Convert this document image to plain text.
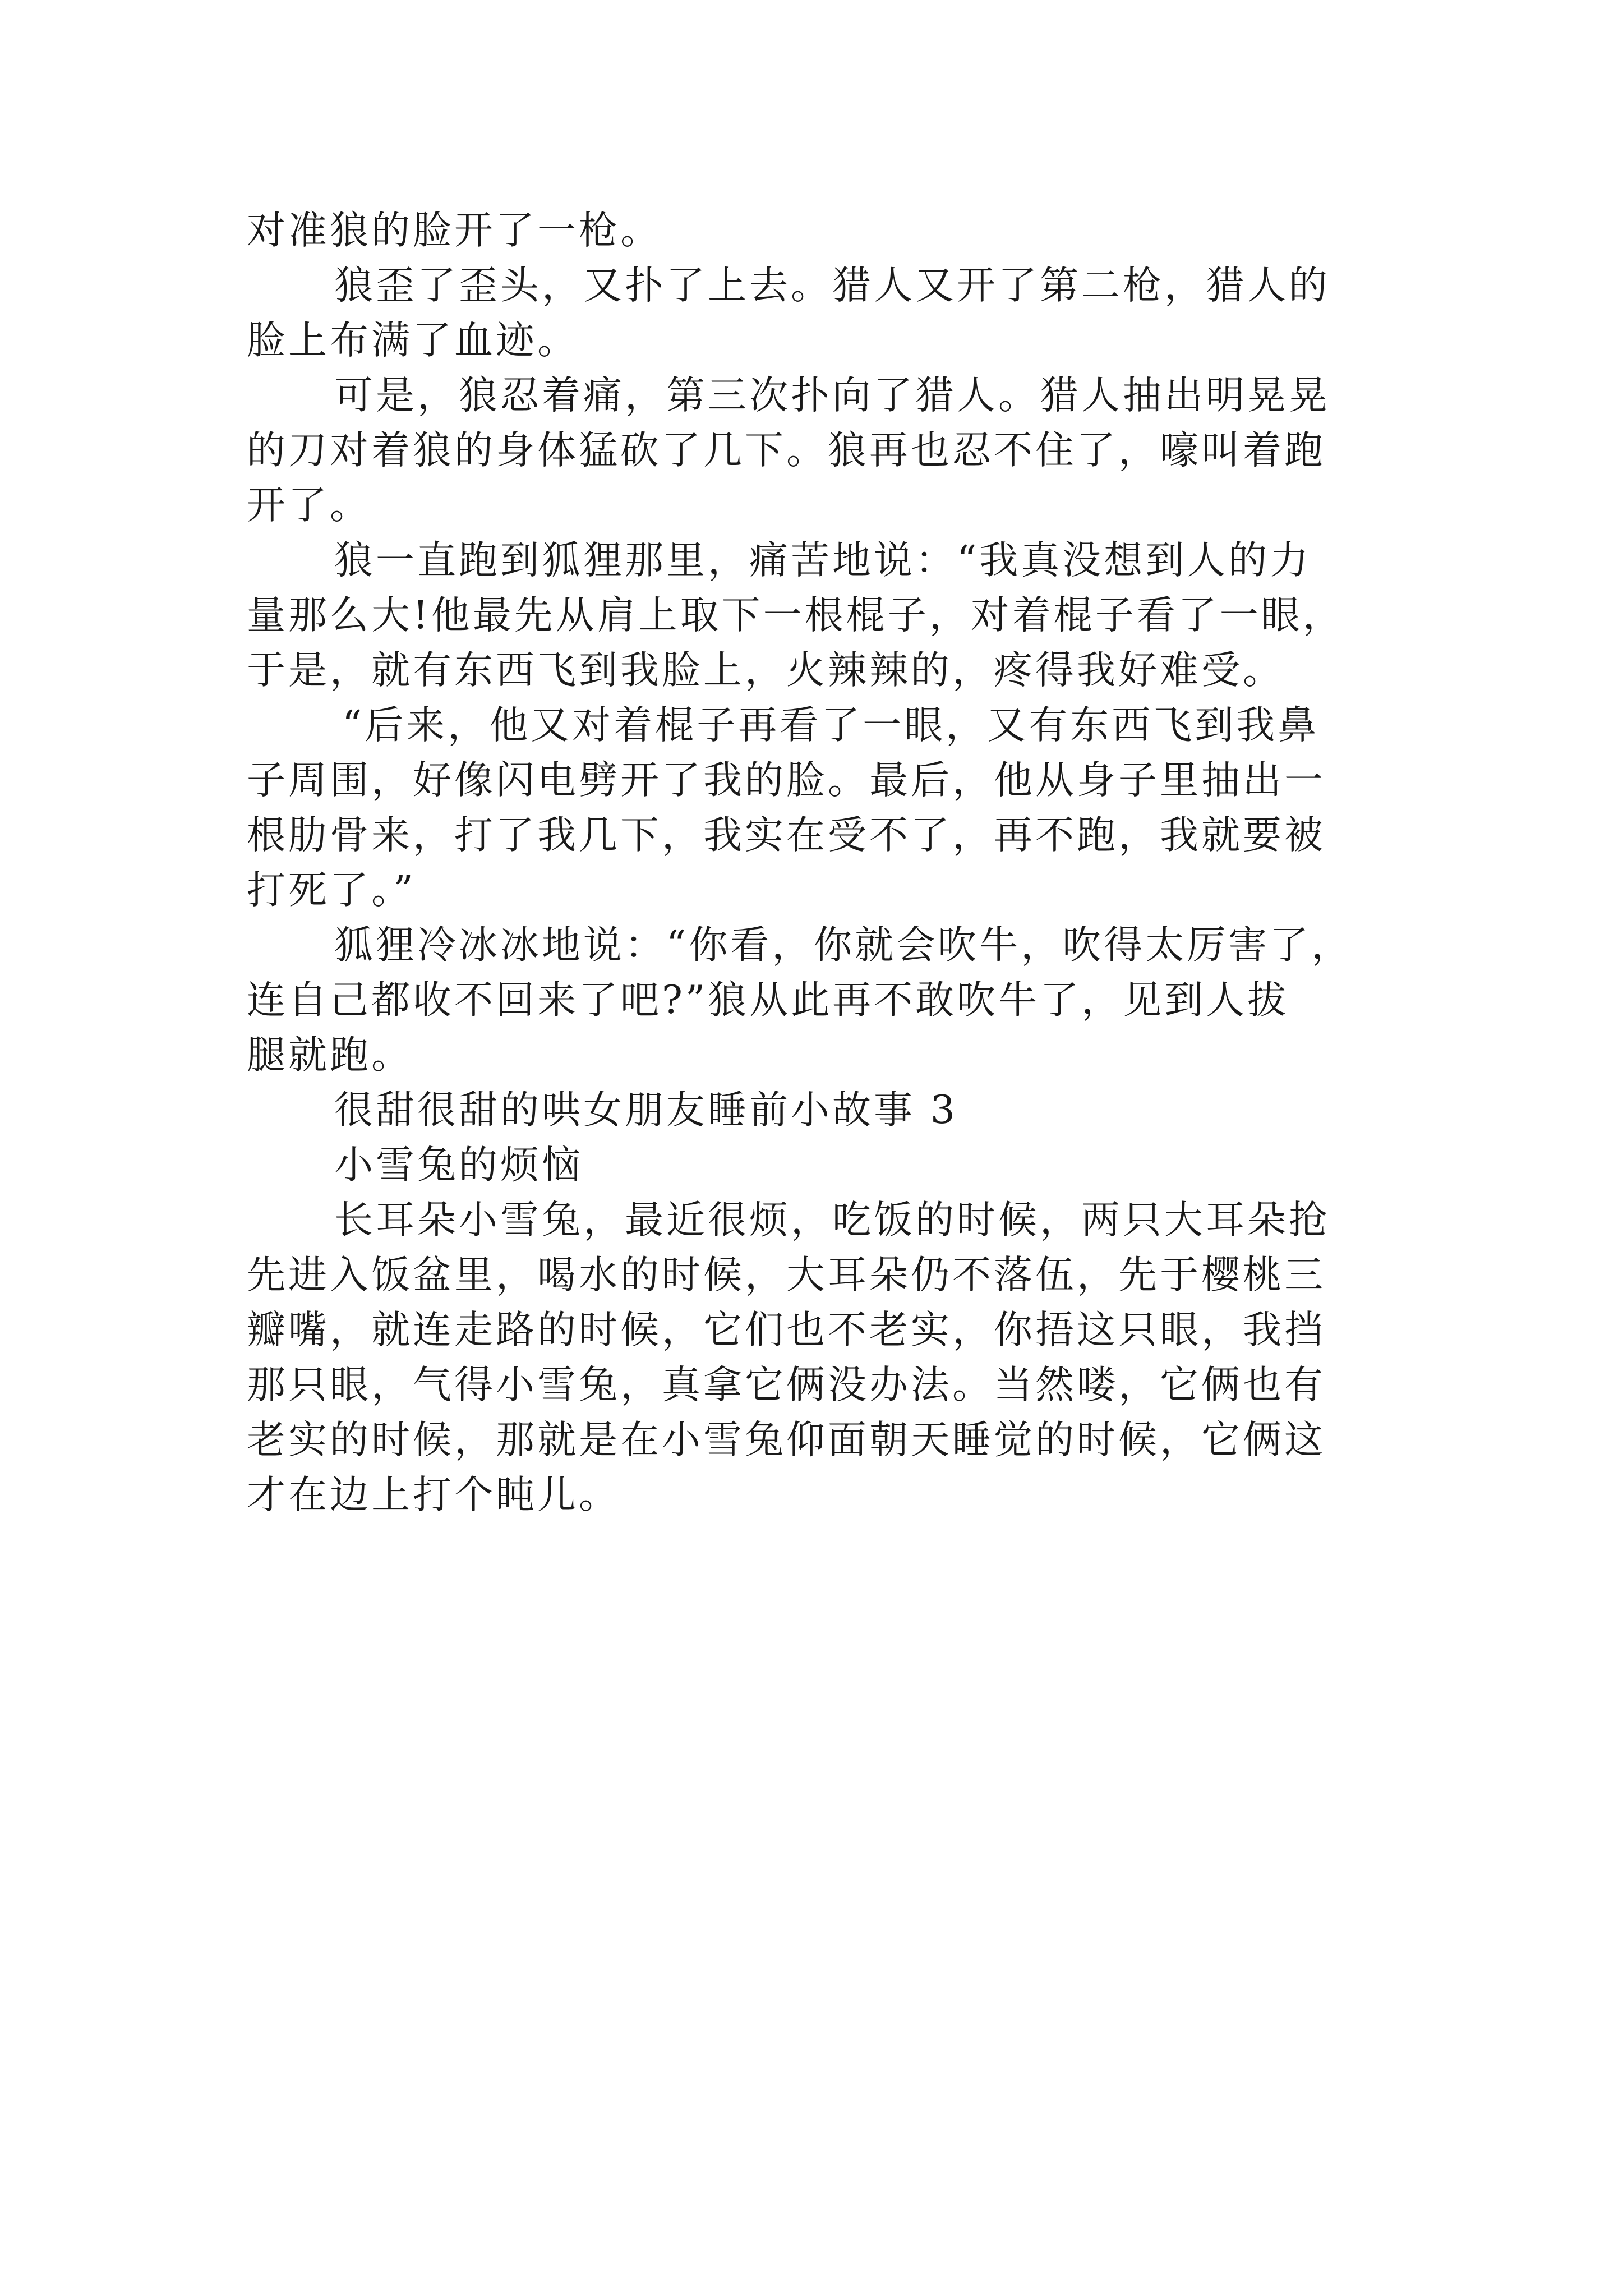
对准狼的脸开了一枪。
狼歪了歪头，又扑了上去。猎人又开了第二枪，猎人的
脸上布满了血迹。
可是，狼忍着痛，第三次扑向了猎人。猎人抽出明晃晃
的刀对着狼的身体猛砍了几下。狼再也忍不住了，嚎叫着跑
开了。
狼一直跑到狐狸那里，痛苦地说：“我真没想到人的力
量那么大!他最先从肩上取下一根棍子，对着棍子看了一眼，
于是，就有东西飞到我脸上，火辣辣的，疼得我好难受。
“后来，他又对着棍子再看了一眼，又有东西飞到我鼻
子周围，好像闪电劈开了我的脸。最后，他从身子里抽出一
根肋骨来，打了我几下，我实在受不了，再不跑，我就要被
打死了。”
狐狸冷冰冰地说：“你看，你就会吹牛，吹得太厉害了，
连自己都收不回来了吧?”狼从此再不敢吹牛了，见到人拔
腿就跑。
很甜很甜的哄女朋友睡前小故事 3
小雪兔的烦恼
长耳朵小雪兔，最近很烦，吃饭的时候，两只大耳朵抢
先进入饭盆里，喝水的时候，大耳朵仍不落伍，先于樱桃三
瓣嘴，就连走路的时候，它们也不老实，你捂这只眼，我挡
那只眼，气得小雪兔，真拿它俩没办法。当然喽，它俩也有
老实的时候，那就是在小雪兔仰面朝天睡觉的时候，它俩这
才在边上打个盹儿。
